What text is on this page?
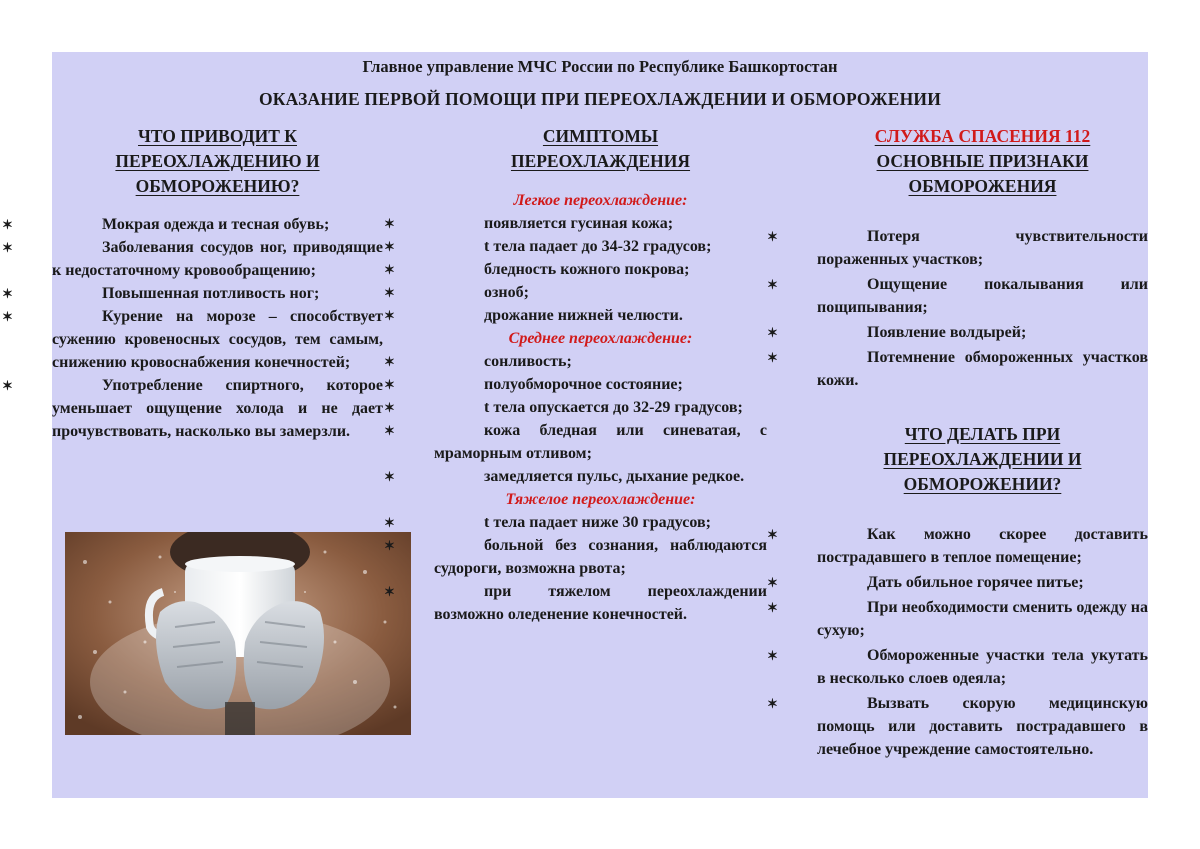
Главное управление МЧС России по Республике Башкортостан
ОКАЗАНИЕ ПЕРВОЙ ПОМОЩИ ПРИ ПЕРЕОХЛАЖДЕНИИ И ОБМОРОЖЕНИИ
ЧТО ПРИВОДИТ К
ПЕРЕОХЛАЖДЕНИЮ И
ОБМОРОЖЕНИЮ?
✶	Мокрая одежда и тесная обувь;
✶	Заболевания сосудов ног, приводящие к недостаточному кровообращению;
✶	Повышенная потливость ног;
✶	Курение на морозе – способствует сужению кровеносных сосудов, тем самым, снижению кровоснабжения конечностей;
✶	Употребление спиртного, которое уменьшает ощущение холода и не дает прочувствовать, насколько вы замерзли.
СИМПТОМЫ
ПЕРЕОХЛАЖДЕНИЯ
Легкое переохлаждение:
✶	появляется гусиная кожа;
✶	t тела падает до 34-32 градусов;
✶	бледность кожного покрова;
✶	озноб;
✶	дрожание нижней челюсти.
Среднее переохлаждение:
✶	сонливость;
✶	полуобморочное состояние;
✶	t тела опускается до 32-29 градусов;
✶	кожа бледная или синеватая, с мраморным отливом;
✶	замедляется пульс, дыхание редкое.
Тяжелое переохлаждение:
✶	t тела падает ниже 30 градусов;
✶	больной без сознания, наблюдаются судороги, возможна рвота;
✶	при тяжелом переохлаждении возможно оледенение конечностей.
СЛУЖБА СПАСЕНИЯ 112
ОСНОВНЫЕ ПРИЗНАКИ
ОБМОРОЖЕНИЯ
✶	Потеря чувствительности пораженных участков;
✶	Ощущение покалывания или пощипывания;
✶	Появление волдырей;
✶	Потемнение обмороженных участков кожи.
ЧТО ДЕЛАТЬ ПРИ
ПЕРЕОХЛАЖДЕНИИ И
ОБМОРОЖЕНИИ?
✶	Как можно скорее доставить пострадавшего в теплое помещение;
✶	Дать обильное горячее питье;
✶	При необходимости сменить одежду на сухую;
✶	Обмороженные участки тела укутать в несколько слоев одеяла;
✶	Вызвать скорую медицинскую помощь или доставить пострадавшего в лечебное учреждение самостоятельно.
